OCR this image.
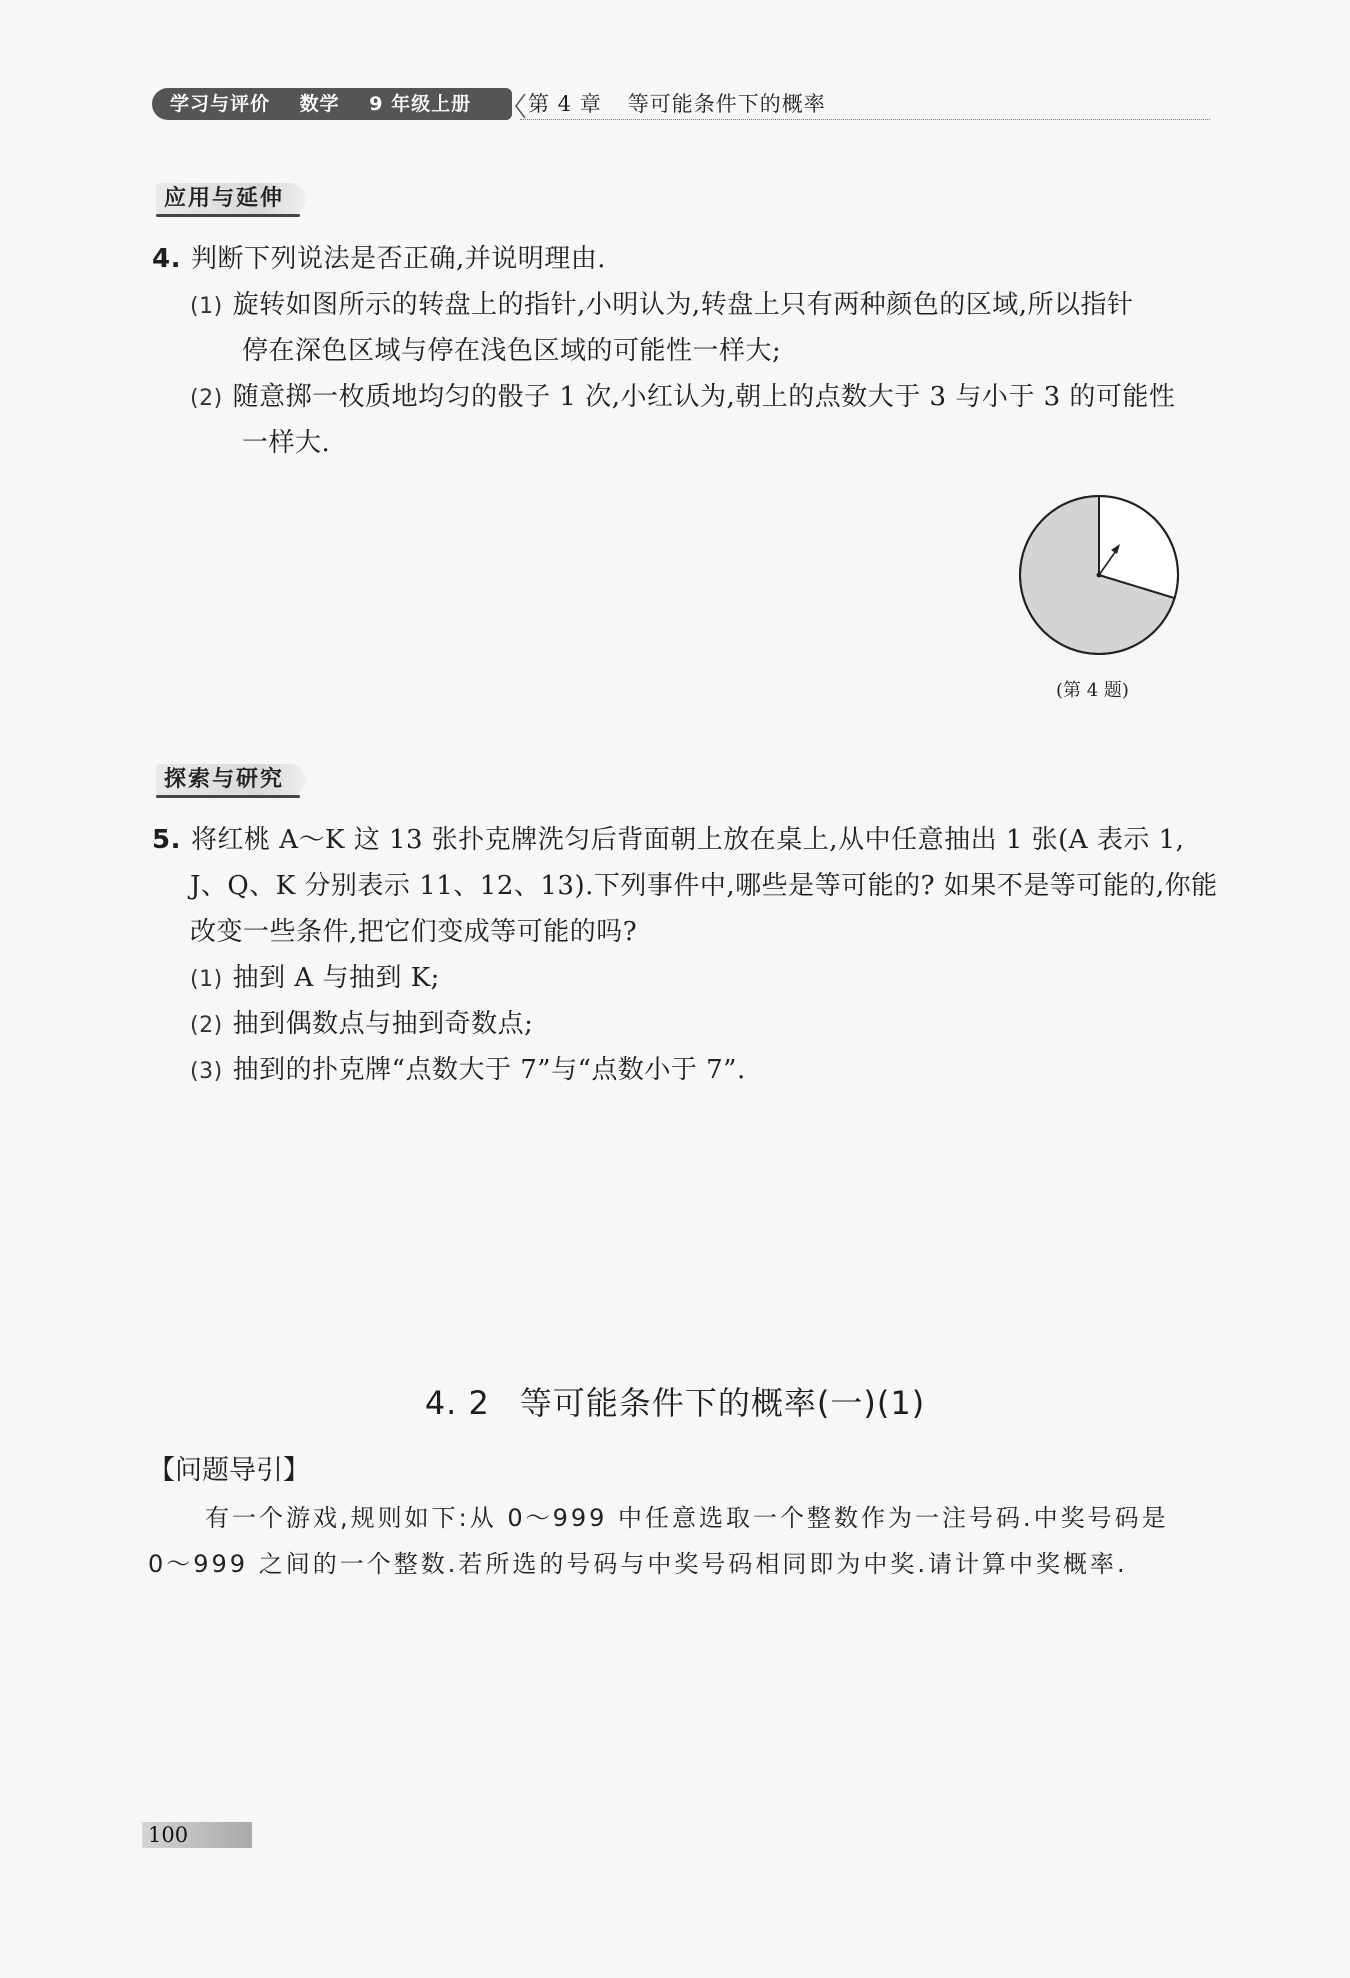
学习与评价 数学 9 年级上册	第 4 章 等可能条件下的概率
应用与延伸
4. 判断下列说法是否正确,并说明理由.
(1) 旋转如图所示的转盘上的指针,小明认为,转盘上只有两种颜色的区域,所以指针
停在深色区域与停在浅色区域的可能性一样大;
(2) 随意掷一枚质地均匀的骰子 1 次,小红认为,朝上的点数大于 3 与小于 3 的可能性
一样大.
(第 4 题)
探索与研究
5. 将红桃 A～K 这 13 张扑克牌洗匀后背面朝上放在桌上,从中任意抽出 1 张(A 表示 1,
J、Q、K 分别表示 11、12、13).下列事件中,哪些是等可能的? 如果不是等可能的,你能
改变一些条件,把它们变成等可能的吗?
(1) 抽到 A 与抽到 K;
(2) 抽到偶数点与抽到奇数点;
(3) 抽到的扑克牌“点数大于 7”与“点数小于 7”.
4. 2 等可能条件下的概率(一)(1)
【问题导引】
有一个游戏,规则如下:从 0～999 中任意选取一个整数作为一注号码.中奖号码是
0～999 之间的一个整数.若所选的号码与中奖号码相同即为中奖.请计算中奖概率.
100
